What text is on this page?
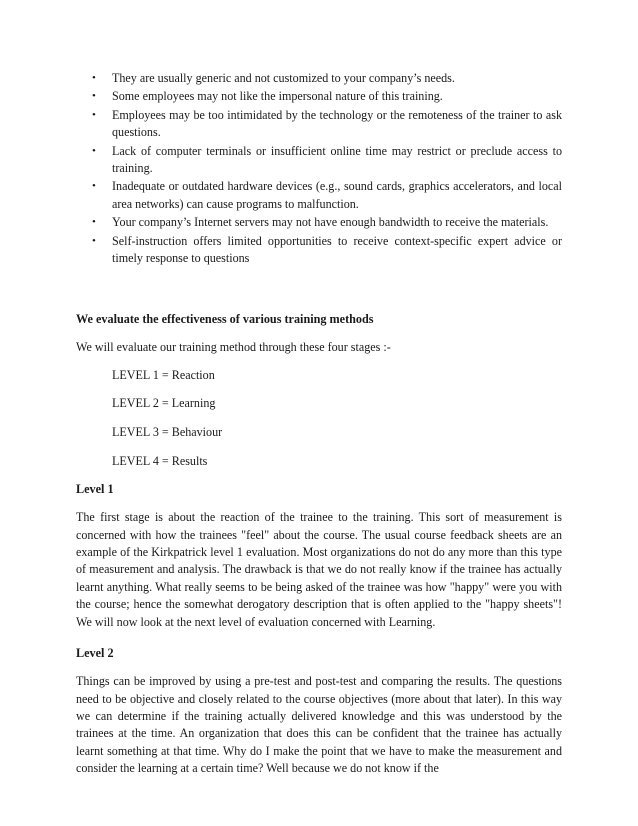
• They are usually generic and not customized to your company’s needs.
• Some employees may not like the impersonal nature of this training.
• Employees may be too intimidated by the technology or the remoteness of the trainer to ask questions.
• Lack of computer terminals or insufficient online time may restrict or preclude access to training.
• Inadequate or outdated hardware devices (e.g., sound cards, graphics accelerators, and local area networks) can cause programs to malfunction.
• Your company’s Internet servers may not have enough bandwidth to receive the materials.
• Self-instruction offers limited opportunities to receive context-specific expert advice or timely response to questions
We evaluate the effectiveness of various training methods

We will evaluate our training method through these four stages :-

LEVEL 1 = Reaction
LEVEL 2 = Learning
LEVEL 3 = Behaviour
LEVEL 4 = Results
Level 1

The first stage is about the reaction of the trainee to the training. This sort of measurement is concerned with how the trainees "feel" about the course. The usual course feedback sheets are an example of the Kirkpatrick level 1 evaluation. Most organizations do not do any more than this type of measurement and analysis. The drawback is that we do not really know if the trainee has actually learnt anything. What really seems to be being asked of the trainee was how "happy" were you with the course; hence the somewhat derogatory description that is often applied to the "happy sheets"! We will now look at the next level of evaluation concerned with Learning.

Level 2

Things can be improved by using a pre-test and post-test and comparing the results. The questions need to be objective and closely related to the course objectives (more about that later). In this way we can determine if the training actually delivered knowledge and this was understood by the trainees at the time. An organization that does this can be confident that the trainee has actually learnt something at that time. Why do I make the point that we have to make the measurement and consider the learning at a certain time? Well because we do not know if the
